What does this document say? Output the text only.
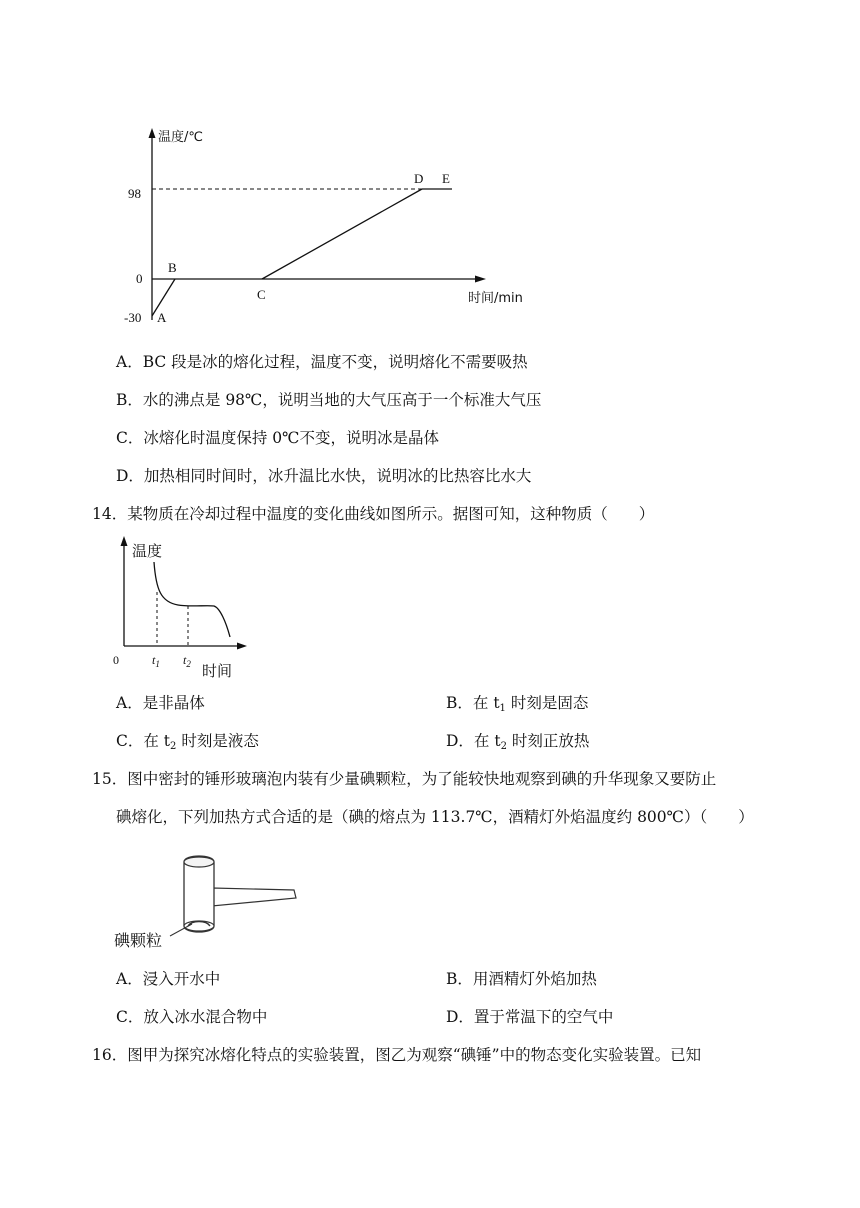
温度/℃
时间/min
98
0
-30 A
B
C
D E
A．BC 段是冰的熔化过程，温度不变，说明熔化不需要吸热
B．水的沸点是 98℃，说明当地的大气压高于一个标准大气压
C．冰熔化时温度保持 0℃不变，说明冰是晶体
D．加热相同时间时，冰升温比水快，说明冰的比热容比水大
14．某物质在冷却过程中温度的变化曲线如图所示。据图可知，这种物质（　　）
温度
时间
0	$t_1$ $t_2$
A．是非晶体	B．在 $t_1$ 时刻是固态
C．在 $t_2$ 时刻是液态	D．在 $t_2$ 时刻正放热
15．图中密封的锤形玻璃泡内装有少量碘颗粒，为了能较快地观察到碘的升华现象又要防止
碘熔化，下列加热方式合适的是（碘的熔点为 113.7℃，酒精灯外焰温度约 800℃）（　　）
碘颗粒
A．浸入开水中	B．用酒精灯外焰加热
C．放入冰水混合物中	D．置于常温下的空气中
16．图甲为探究冰熔化特点的实验装置，图乙为观察“碘锤”中的物态变化实验装置。已知
